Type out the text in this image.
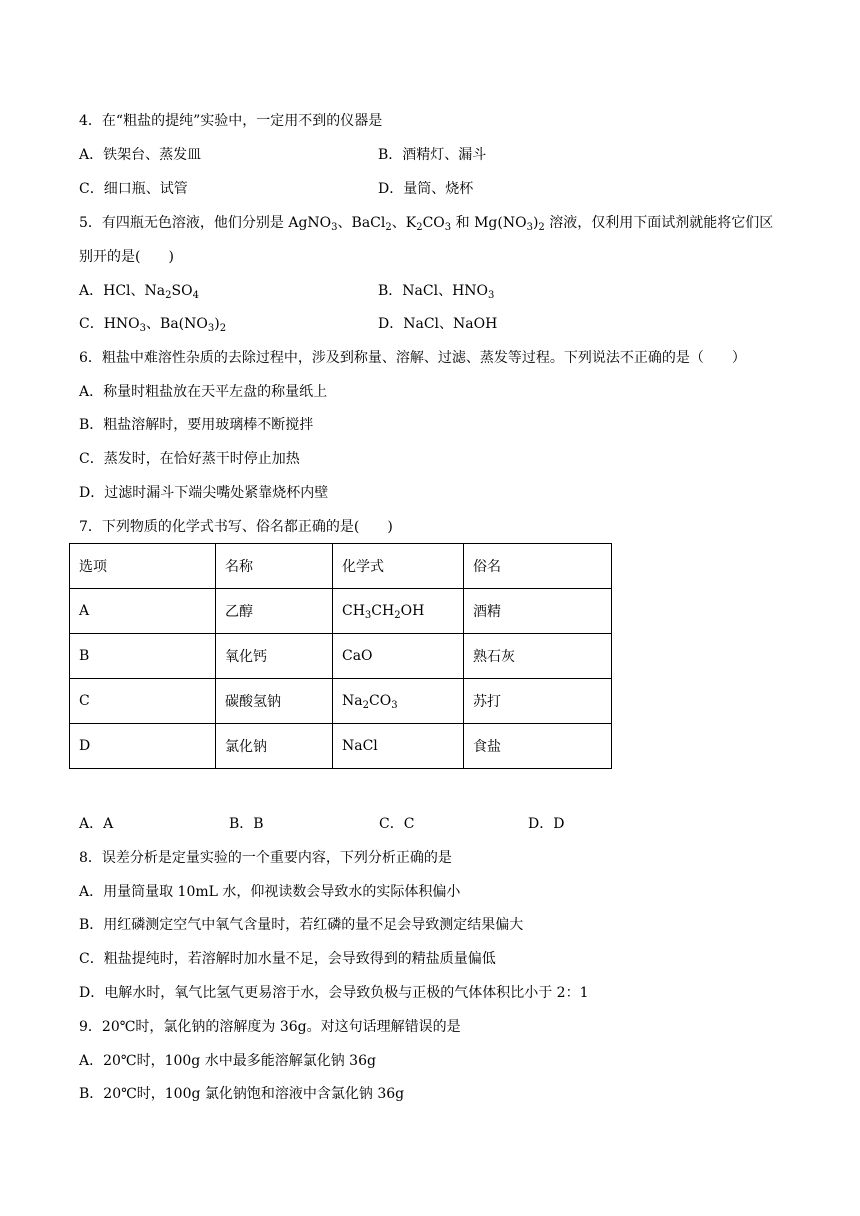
4．在“粗盐的提纯”实验中，一定用不到的仪器是
A．铁架台、蒸发皿	B．酒精灯、漏斗
C．细口瓶、试管	D．量筒、烧杯
5．有四瓶无色溶液，他们分别是 AgNO$_3$、BaCl$_2$、$K_2CO_3$ 和 $Mg(NO_3)_2$ 溶液，仅利用下面试剂就能将它们区
别开的是(　　)
A．HCl、$Na_2SO_4$	B．NaCl、$HNO_3$
C．$HNO_3$、$Ba(NO_3)_2$	D．NaCl、NaOH
6．粗盐中难溶性杂质的去除过程中，涉及到称量、溶解、过滤、蒸发等过程。下列说法不正确的是（　　）
A．称量时粗盐放在天平左盘的称量纸上
B．粗盐溶解时，要用玻璃棒不断搅拌
C．蒸发时，在恰好蒸干时停止加热
D．过滤时漏斗下端尖嘴处紧靠烧杯内壁
7．下列物质的化学式书写、俗名都正确的是(　　)
选项	名称	化学式	俗名
A	乙醇	$CH_3CH_2OH$	酒精
B	氧化钙	CaO	熟石灰
C	碳酸氢钠	$Na_2CO_3$	苏打
D	氯化钠	NaCl	食盐
A．A	B．B	C．C	D．D
8．误差分析是定量实验的一个重要内容，下列分析正确的是
A．用量筒量取 10mL 水，仰视读数会导致水的实际体积偏小
B．用红磷测定空气中氧气含量时，若红磷的量不足会导致测定结果偏大
C．粗盐提纯时，若溶解时加水量不足，会导致得到的精盐质量偏低
D．电解水时，氧气比氢气更易溶于水，会导致负极与正极的气体体积比小于 2：1
9．20℃时，氯化钠的溶解度为 36g。对这句话理解错误的是
A．20℃时，100g 水中最多能溶解氯化钠 36g
B．20℃时，100g 氯化钠饱和溶液中含氯化钠 36g
